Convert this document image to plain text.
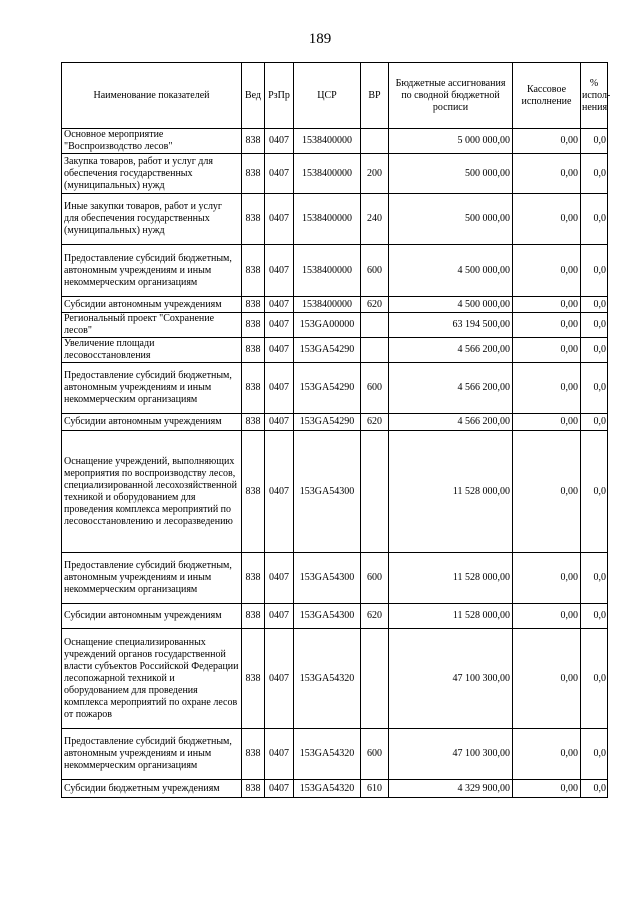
189
Наименование показателей	Вед	РзПр	ЦСР	ВР	Бюджетные ассигнования по сводной бюджетной росписи	Кассовое исполнение	% испол-нения

Основное мероприятие "Воспроизводство лесов"	838	0407	1538400000		5 000 000,00	0,00	0,0

Закупка товаров, работ и услуг для обеспечения государственных (муниципальных) нужд	838	0407	1538400000	200	500 000,00	0,00	0,0

Иные закупки товаров, работ и услуг для обеспечения государственных (муниципальных) нужд	838	0407	1538400000	240	500 000,00	0,00	0,0

Предоставление субсидий бюджетным, автономным учреждениям и иным некоммерческим организациям	838	0407	1538400000	600	4 500 000,00	0,00	0,0

Субсидии автономным учреждениям	838	0407	1538400000	620	4 500 000,00	0,00	0,0

Региональный проект "Сохранение лесов"	838	0407	153GA00000		63 194 500,00	0,00	0,0

Увеличение площади лесовосстановления	838	0407	153GA54290		4 566 200,00	0,00	0,0

Предоставление субсидий бюджетным, автономным учреждениям и иным некоммерческим организациям	838	0407	153GA54290	600	4 566 200,00	0,00	0,0

Субсидии автономным учреждениям	838	0407	153GA54290	620	4 566 200,00	0,00	0,0

Оснащение учреждений, выполняющих мероприятия по воспроизводству лесов, специализированной лесохозяйственной техникой и оборудованием для проведения комплекса мероприятий по лесовосстановлению и лесоразведению	838	0407	153GA54300		11 528 000,00	0,00	0,0

Предоставление субсидий бюджетным, автономным учреждениям и иным некоммерческим организациям	838	0407	153GA54300	600	11 528 000,00	0,00	0,0

Субсидии автономным учреждениям	838	0407	153GA54300	620	11 528 000,00	0,00	0,0

Оснащение специализированных учреждений органов государственной власти субъектов Российской Федерации лесопожарной техникой и оборудованием для проведения комплекса мероприятий по охране лесов от пожаров	838	0407	153GA54320		47 100 300,00	0,00	0,0

Предоставление субсидий бюджетным, автономным учреждениям и иным некоммерческим организациям	838	0407	153GA54320	600	47 100 300,00	0,00	0,0

Субсидии бюджетным учреждениям	838	0407	153GA54320	610	4 329 900,00	0,00	0,0
